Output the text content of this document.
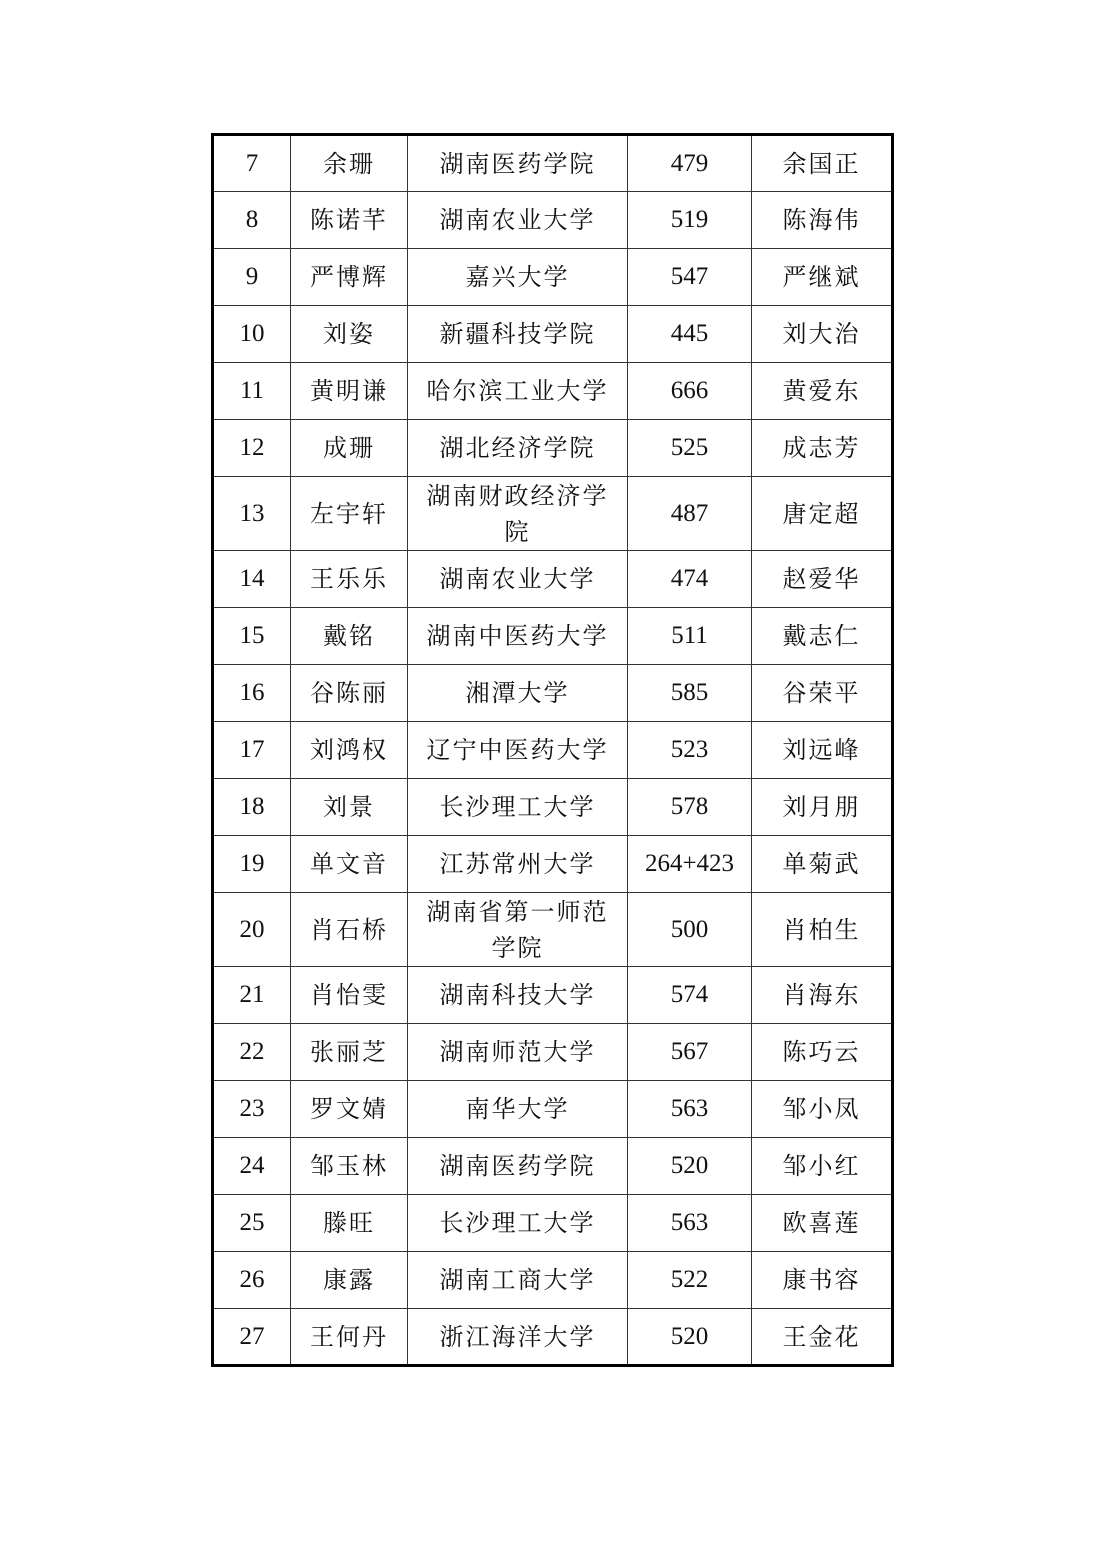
7	余珊	湖南医药学院	479	余国正
8	陈诺芊	湖南农业大学	519	陈海伟
9	严博辉	嘉兴大学	547	严继斌
10	刘姿	新疆科技学院	445	刘大治
11	黄明谦	哈尔滨工业大学	666	黄爱东
12	成珊	湖北经济学院	525	成志芳
13	左宇轩	湖南财政经济学院	487	唐定超
14	王乐乐	湖南农业大学	474	赵爱华
15	戴铭	湖南中医药大学	511	戴志仁
16	谷陈丽	湘潭大学	585	谷荣平
17	刘鸿权	辽宁中医药大学	523	刘远峰
18	刘景	长沙理工大学	578	刘月朋
19	单文音	江苏常州大学	264+423	单菊武
20	肖石桥	湖南省第一师范学院	500	肖柏生
21	肖怡雯	湖南科技大学	574	肖海东
22	张丽芝	湖南师范大学	567	陈巧云
23	罗文婧	南华大学	563	邹小凤
24	邹玉林	湖南医药学院	520	邹小红
25	滕旺	长沙理工大学	563	欧喜莲
26	康露	湖南工商大学	522	康书容
27	王何丹	浙江海洋大学	520	王金花
